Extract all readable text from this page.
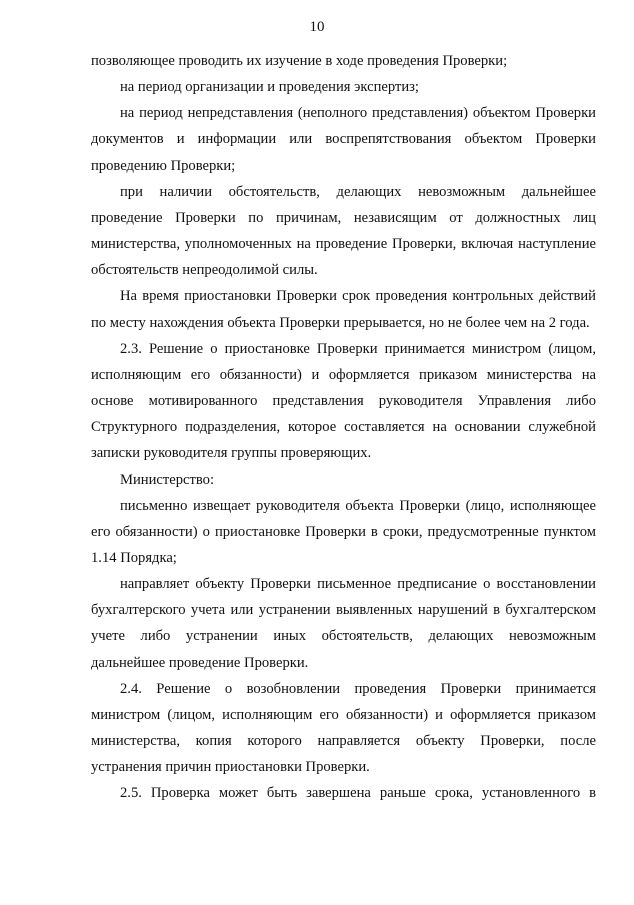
10

позволяющее проводить их изучение в ходе проведения Проверки;

на период организации и проведения экспертиз;

на период непредставления (неполного представления) объектом Проверки документов и информации или воспрепятствования объектом Проверки проведению Проверки;

при наличии обстоятельств, делающих невозможным дальнейшее проведение Проверки по причинам, независящим от должностных лиц министерства, уполномоченных на проведение Проверки, включая наступление обстоятельств непреодолимой силы.

На время приостановки Проверки срок проведения контрольных действий по месту нахождения объекта Проверки прерывается, но не более чем на 2 года.

2.3. Решение о приостановке Проверки принимается министром (лицом, исполняющим его обязанности) и оформляется приказом министерства на основе мотивированного представления руководителя Управления либо Структурного подразделения, которое составляется на основании служебной записки руководителя группы проверяющих.

Министерство:

письменно извещает руководителя объекта Проверки (лицо, исполняющее его обязанности) о приостановке Проверки в сроки, предусмотренные пунктом 1.14 Порядка;

направляет объекту Проверки письменное предписание о восстановлении бухгалтерского учета или устранении выявленных нарушений в бухгалтерском учете либо устранении иных обстоятельств, делающих невозможным дальнейшее проведение Проверки.

2.4. Решение о возобновлении проведения Проверки принимается министром (лицом, исполняющим его обязанности) и оформляется приказом министерства, копия которого направляется объекту Проверки, после устранения причин приостановки Проверки.

2.5. Проверка может быть завершена раньше срока, установленного в
